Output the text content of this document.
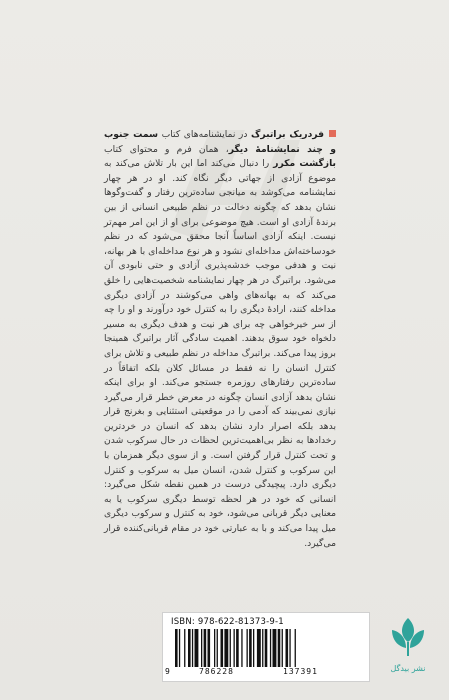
فردریک براتبرگ در نمایشنامه‌های کتاب سمت جنوب و چند نمایشنامهٔ دیگر، همان فرم و محتوای کتاب بازگشت مکرر را دنبال می‌کند اما این بار تلاش می‌کند به موضوع آزادی از جهاتی دیگر نگاه کند. او در هر چهار نمایشنامه می‌کوشد به میانجی ساده‌ترین رفتار و گفت‌وگوها نشان بدهد که چگونه دخالت در نظم طبیعی انسانی از بین برندهٔ آزادی او است. هیچ موضوعی برای او از این امر مهم‌تر نیست. اینکه آزادی اساساً آنجا محقق می‌شود که در نظم خودساخته‌اش مداخله‌ای نشود و هر نوع مداخله‌ای با هر بهانه، نیت و هدفی موجب خدشه‌پذیری آزادی و حتی نابودی آن می‌شود. براتبرگ در هر چهار نمایشنامه شخصیت‌هایی را خلق می‌کند که به بهانه‌های واهی می‌کوشند در آزادی دیگری مداخله کنند، ارادهٔ دیگری را به کنترل خود درآورند و او را چه از سر خیرخواهی چه برای هر نیت و هدف دیگری به مسیر دلخواه خود سوق بدهند. اهمیت سادگی آثار براتبرگ همینجا بروز پیدا می‌کند. براتبرگ مداخله در نظم طبیعی و تلاش برای کنترل انسان را نه فقط در مسائل کلان بلکه اتفاقاً در ساده‌ترین رفتارهای روزمره جستجو می‌کند. او برای اینکه نشان بدهد آزادی انسان چگونه در معرض خطر قرار می‌گیرد نیازی نمی‌بیند که آدمی را در موقعیتی استثنایی و بغرنج قرار بدهد بلکه اصرار دارد نشان بدهد که انسان در خردترین رخدادها به نظر بی‌اهمیت‌ترین لحظات در حال سرکوب شدن و تحت کنترل قرار گرفتن است. و از سوی دیگر همزمان با این سرکوب و کنترل شدن، انسان میل به سرکوب و کنترل دیگری دارد. پیچیدگی درست در همین نقطه شکل می‌گیرد: انسانی که خود در هر لحظه توسط دیگری سرکوب یا به معنایی دیگر قربانی می‌شود، خود به کنترل و سرکوب دیگری میل پیدا می‌کند و با به عبارتی خود در مقام قربانی‌کننده قرار می‌گیرد.

ISBN: 978-622-81373-9-1
9	786228	137391	نشر بیدگل
